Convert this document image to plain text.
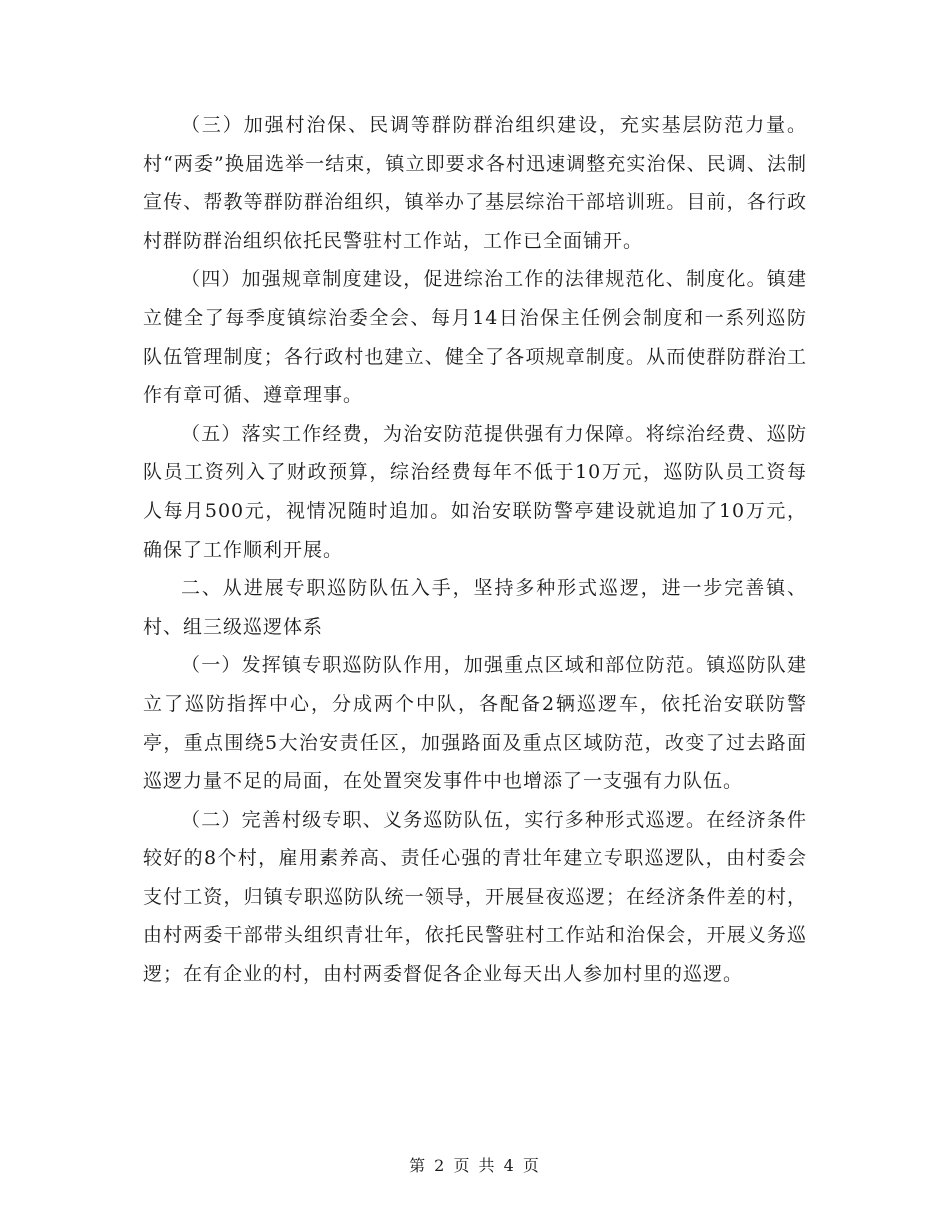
（三）加强村治保、民调等群防群治组织建设，充实基层防范力量。村“两委”换届选举一结束，镇立即要求各村迅速调整充实治保、民调、法制宣传、帮教等群防群治组织，镇举办了基层综治干部培训班。目前，各行政村群防群治组织依托民警驻村工作站，工作已全面铺开。

（四）加强规章制度建设，促进综治工作的法律规范化、制度化。镇建立健全了每季度镇综治委全会、每月14日治保主任例会制度和一系列巡防队伍管理制度；各行政村也建立、健全了各项规章制度。从而使群防群治工作有章可循、遵章理事。

（五）落实工作经费，为治安防范提供强有力保障。将综治经费、巡防队员工资列入了财政预算，综治经费每年不低于10万元，巡防队员工资每人每月500元，视情况随时追加。如治安联防警亭建设就追加了10万元，确保了工作顺利开展。

二、从进展专职巡防队伍入手，坚持多种形式巡逻，进一步完善镇、村、组三级巡逻体系

（一）发挥镇专职巡防队作用，加强重点区域和部位防范。镇巡防队建立了巡防指挥中心，分成两个中队，各配备2辆巡逻车，依托治安联防警亭，重点围绕5大治安责任区，加强路面及重点区域防范，改变了过去路面巡逻力量不足的局面，在处置突发事件中也增添了一支强有力队伍。

（二）完善村级专职、义务巡防队伍，实行多种形式巡逻。在经济条件较好的8个村，雇用素养高、责任心强的青壮年建立专职巡逻队，由村委会支付工资，归镇专职巡防队统一领导，开展昼夜巡逻；在经济条件差的村，由村两委干部带头组织青壮年，依托民警驻村工作站和治保会，开展义务巡逻；在有企业的村，由村两委督促各企业每天出人参加村里的巡逻。

第 2 页 共 4 页
